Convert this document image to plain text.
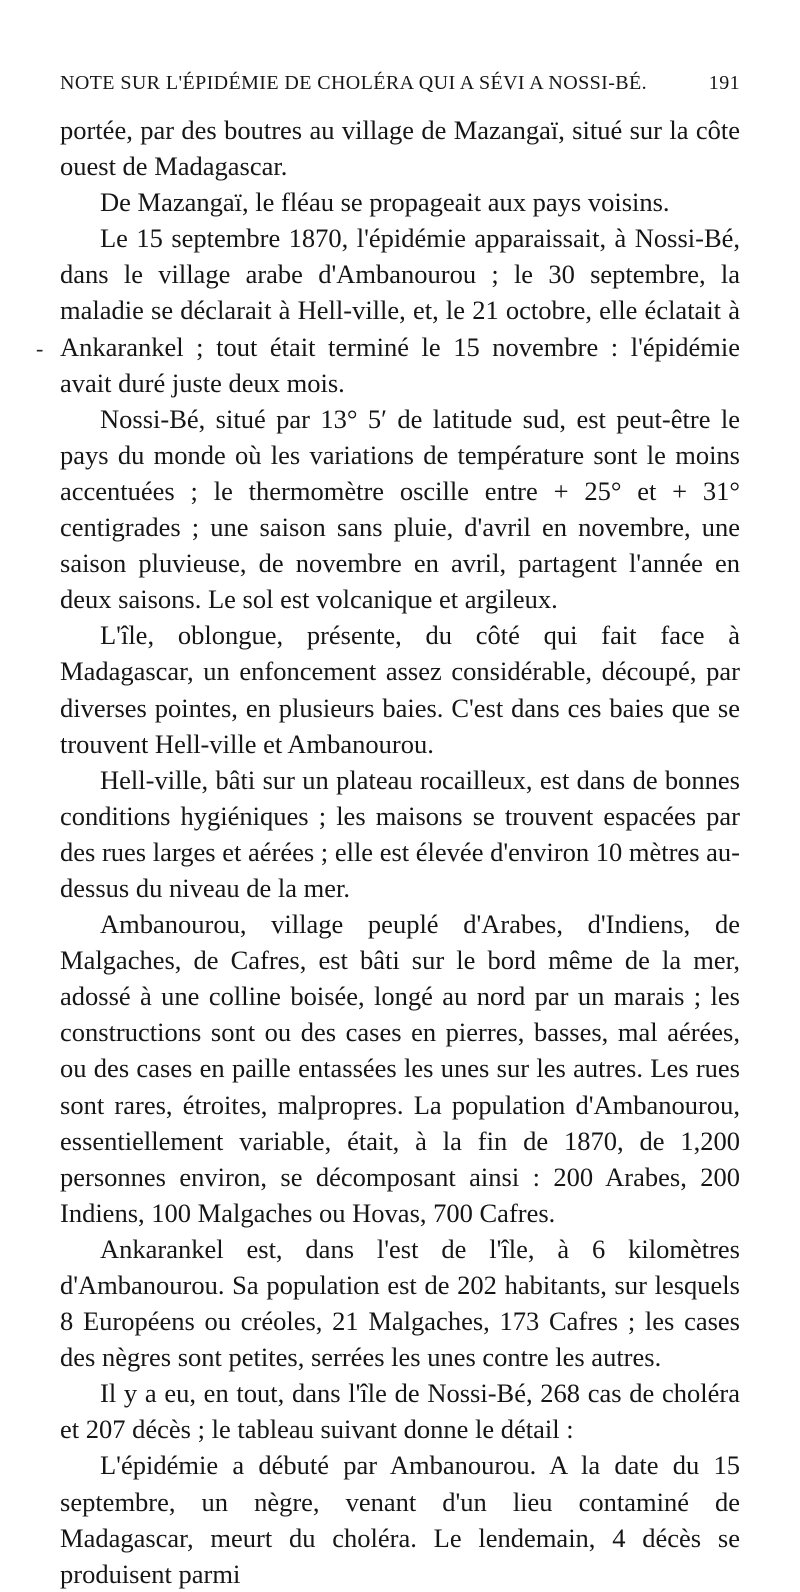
-
NOTE SUR L'ÉPIDÉMIE DE CHOLÉRA QUI A SÉVI A NOSSI-BÉ.	191

portée, par des boutres au village de Mazangaï, situé sur la côte ouest de Madagascar.

De Mazangaï, le fléau se propageait aux pays voisins.

Le 15 septembre 1870, l'épidémie apparaissait, à Nossi-Bé, dans le village arabe d'Ambanourou ; le 30 septembre, la maladie se déclarait à Hell-ville, et, le 21 octobre, elle éclatait à Ankarankel ; tout était terminé le 15 novembre : l'épidémie avait duré juste deux mois.

Nossi-Bé, situé par 13° 5′ de latitude sud, est peut-être le pays du monde où les variations de température sont le moins accentuées ; le thermomètre oscille entre + 25° et + 31° centigrades ; une saison sans pluie, d'avril en novembre, une saison pluvieuse, de novembre en avril, partagent l'année en deux saisons. Le sol est volcanique et argileux.

L'île, oblongue, présente, du côté qui fait face à Madagascar, un enfoncement assez considérable, découpé, par diverses pointes, en plusieurs baies. C'est dans ces baies que se trouvent Hell-ville et Ambanourou.

Hell-ville, bâti sur un plateau rocailleux, est dans de bonnes conditions hygiéniques ; les maisons se trouvent espacées par des rues larges et aérées ; elle est élevée d'environ 10 mètres au-dessus du niveau de la mer.

Ambanourou, village peuplé d'Arabes, d'Indiens, de Malgaches, de Cafres, est bâti sur le bord même de la mer, adossé à une colline boisée, longé au nord par un marais ; les constructions sont ou des cases en pierres, basses, mal aérées, ou des cases en paille entassées les unes sur les autres. Les rues sont rares, étroites, malpropres. La population d'Ambanourou, essentiellement variable, était, à la fin de 1870, de 1,200 personnes environ, se décomposant ainsi : 200 Arabes, 200 Indiens, 100 Malgaches ou Hovas, 700 Cafres.

Ankarankel est, dans l'est de l'île, à 6 kilomètres d'Ambanourou. Sa population est de 202 habitants, sur lesquels 8 Européens ou créoles, 21 Malgaches, 173 Cafres ; les cases des nègres sont petites, serrées les unes contre les autres.

Il y a eu, en tout, dans l'île de Nossi-Bé, 268 cas de choléra et 207 décès ; le tableau suivant donne le détail :

L'épidémie a débuté par Ambanourou. A la date du 15 septembre, un nègre, venant d'un lieu contaminé de Madagascar, meurt du choléra. Le lendemain, 4 décès se produisent parmi
